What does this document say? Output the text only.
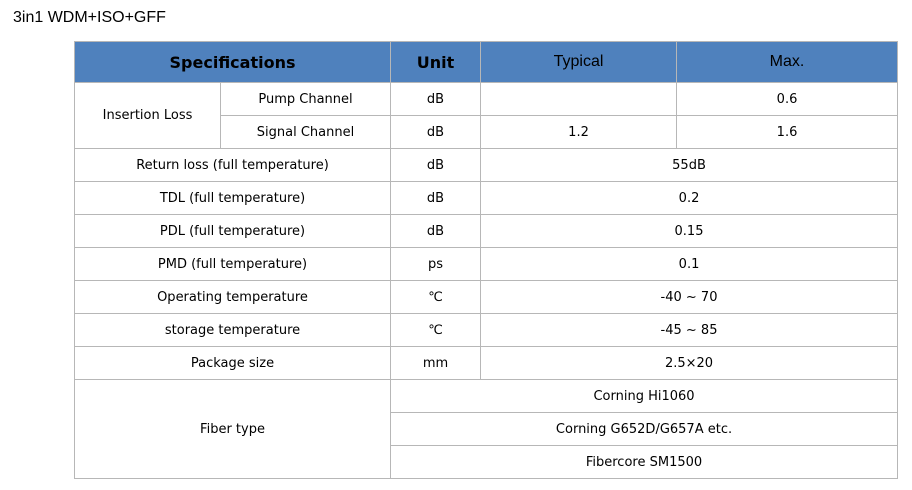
3in1 WDM+ISO+GFF
Specifications		Unit	Typical	Max.
Insertion Loss	Pump Channel	dB		0.6
	Signal Channel	dB	1.2	1.6
Return loss (full temperature)		dB	55dB	
TDL (full temperature)		dB	0.2	
PDL (full temperature)		dB	0.15	
PMD (full temperature)		ps	0.1	
Operating temperature		℃	-40 ~ 70	
storage temperature		℃	-45 ~ 85	
Package size		mm	2.5×20	
Fiber type		Corning Hi1060		
		Corning G652D/G657A etc.		
		Fibercore SM1500		
